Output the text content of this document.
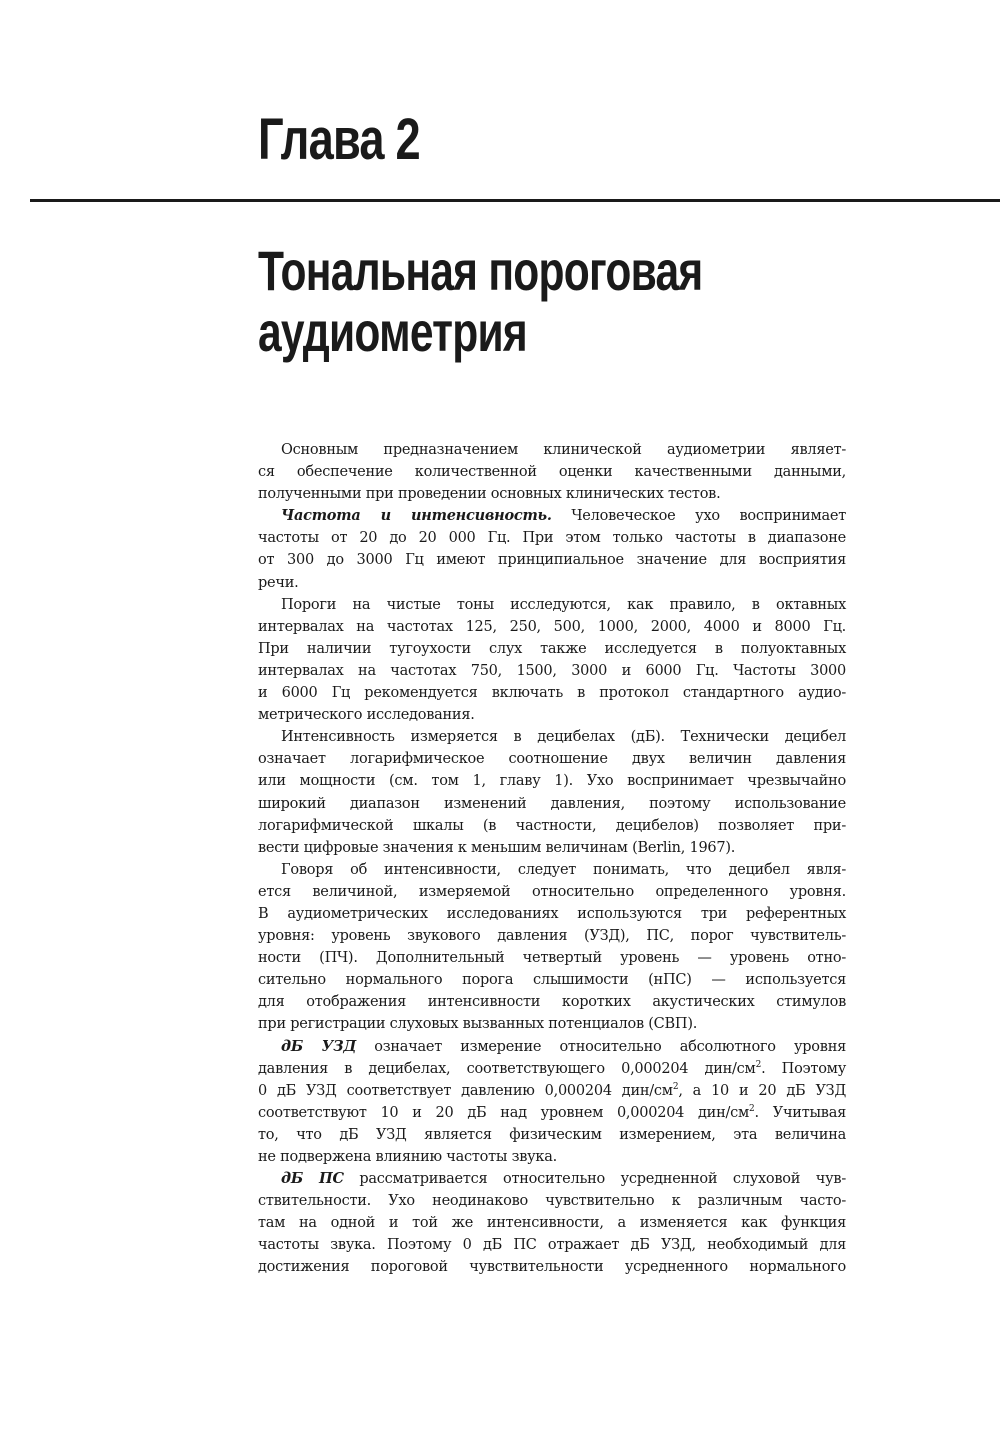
Глава 2
Тональная пороговая
аудиометрия
Основным предназначением клинической аудиометрии являет-
ся обеспечение количественной оценки качественными данными,
полученными при проведении основных клинических тестов.
Частота и интенсивность. Человеческое ухо воспринимает
частоты от 20 до 20 000 Гц. При этом только частоты в диапазоне
от 300 до 3000 Гц имеют принципиальное значение для восприятия
речи.
Пороги на чистые тоны исследуются, как правило, в октавных
интервалах на частотах 125, 250, 500, 1000, 2000, 4000 и 8000 Гц.
При наличии тугоухости слух также исследуется в полуоктавных
интервалах на частотах 750, 1500, 3000 и 6000 Гц. Частоты 3000
и 6000 Гц рекомендуется включать в протокол стандартного аудио-
метрического исследования.
Интенсивность измеряется в децибелах (дБ). Технически децибел
означает логарифмическое соотношение двух величин давления
или мощности (см. том 1, главу 1). Ухо воспринимает чрезвычайно
широкий диапазон изменений давления, поэтому использование
логарифмической шкалы (в частности, децибелов) позволяет при-
вести цифровые значения к меньшим величинам (Berlin, 1967).
Говоря об интенсивности, следует понимать, что децибел явля-
ется величиной, измеряемой относительно определенного уровня.
В аудиометрических исследованиях используются три референтных
уровня: уровень звукового давления (УЗД), ПС, порог чувствитель-
ности (ПЧ). Дополнительный четвертый уровень — уровень отно-
сительно нормального порога слышимости (нПС) — используется
для отображения интенсивности коротких акустических стимулов
при регистрации слуховых вызванных потенциалов (СВП).
дБ УЗД означает измерение относительно абсолютного уровня
давления в децибелах, соответствующего 0,000204 дин/$см^2$. Поэтому
0 дБ УЗД соответствует давлению 0,000204 дин/$см^2$, а 10 и 20 дБ УЗД
соответствуют 10 и 20 дБ над уровнем 0,000204 дин/$см^2$. Учитывая
то, что дБ УЗД является физическим измерением, эта величина
не подвержена влиянию частоты звука.
дБ ПС рассматривается относительно усредненной слуховой чув-
ствительности. Ухо неодинаково чувствительно к различным часто-
там на одной и той же интенсивности, а изменяется как функция
частоты звука. Поэтому 0 дБ ПС отражает дБ УЗД, необходимый для
достижения пороговой чувствительности усредненного нормального
